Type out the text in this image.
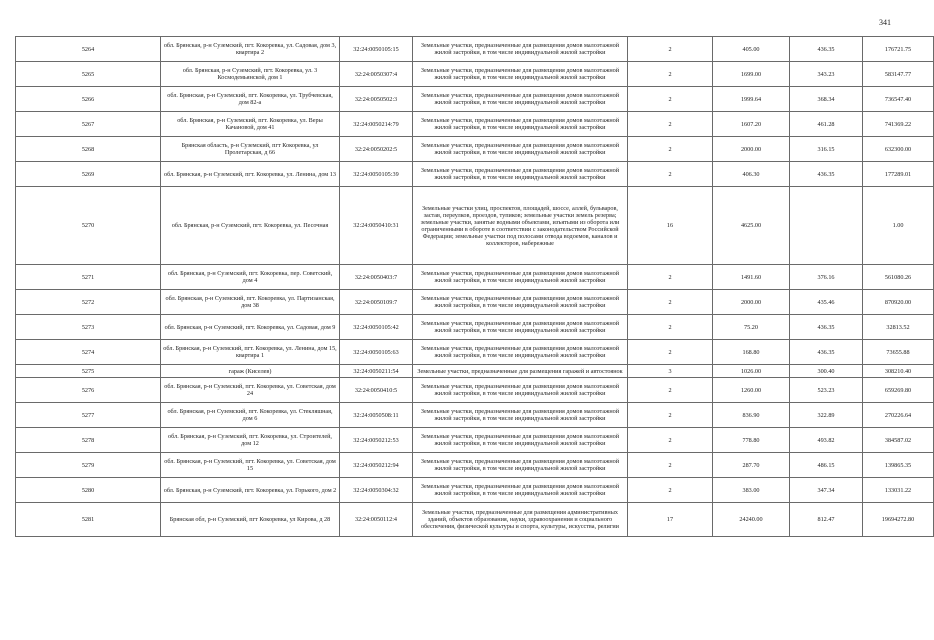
341
5264	обл. Брянская, р-н Суземский, пгт. Кокоревка, ул. Садовая, дом 3, квартира 2	32:24:0050105:15	Земельные участки, предназначенные для размещения домов малоэтажной жилой застройки, в том числе индивидуальной жилой застройки	2	405.00	436.35	176721.75
5265	обл. Брянская, р-н Суземский, пгт. Кокоревка, ул. 3 Космодемьянской, дом 1	32:24:0050307:4	Земельные участки, предназначенные для размещения домов малоэтажной жилой застройки, в том числе индивидуальной жилой застройки	2	1699.00	343.23	583147.77
5266	обл. Брянская, р-н Суземский, пгт. Кокоревка, ул. Трубчевская, дом 82-а	32:24:0050502:3	Земельные участки, предназначенные для размещения домов малоэтажной жилой застройки, в том числе индивидуальной жилой застройки	2	1999.64	368.34	736547.40
5267	обл. Брянская, р-н Суземский, пгт. Кокоревка, ул. Веры Качановой, дом 41	32:24:0050214:79	Земельные участки, предназначенные для размещения домов малоэтажной жилой застройки, в том числе индивидуальной жилой застройки	2	1607.20	461.28	741369.22
5268	Брянская область, р-н Суземский, пгт Кокоревка, ул Пролетарская, д 66	32:24:0050202:5	Земельные участки, предназначенные для размещения домов малоэтажной жилой застройки, в том числе индивидуальной жилой застройки	2	2000.00	316.15	632300.00
5269	обл. Брянская, р-н Суземский, пгт. Кокоревка, ул. Ленина, дом 13	32:24:0050105:39	Земельные участки, предназначенные для размещения домов малоэтажной жилой застройки, в том числе индивидуальной жилой застройки	2	406.30	436.35	177289.01
5270	обл. Брянская, р-н Суземский, пгт. Кокоревка, ул. Песочная	32:24:0050410:31	Земельные участки улиц, проспектов, площадей, шоссе, аллей, бульваров, застав, переулков, проездов, тупиков; земельные участки земель резерва; земельные участки, занятые водными объектами, изъятыми из оборота или ограниченными в обороте в соответствии с законодательством Российской Федерации; земельные участки под полосами отвода водоемов, каналов и коллекторов, набережные	16	4625.00		1.00
5271	обл. Брянская, р-н Суземский, пгт. Кокоревка, пер. Советский, дом 4	32:24:0050403:7	Земельные участки, предназначенные для размещения домов малоэтажной жилой застройки, в том числе индивидуальной жилой застройки	2	1491.60	376.16	561080.26
5272	обл. Брянская, р-н Суземский, пгт. Кокоревка, ул. Партизанская, дом 38	32:24:0050109:7	Земельные участки, предназначенные для размещения домов малоэтажной жилой застройки, в том числе индивидуальной жилой застройки	2	2000.00	435.46	870920.00
5273	обл. Брянская, р-н Суземский, пгт. Кокоревка, ул. Садовая, дом 9	32:24:0050105:42	Земельные участки, предназначенные для размещения домов малоэтажной жилой застройки, в том числе индивидуальной жилой застройки	2	75.20	436.35	32813.52
5274	обл. Брянская, р-н Суземский, пгт. Кокоревка, ул. Ленина, дом 15, квартира 1	32:24:0050105:63	Земельные участки, предназначенные для размещения домов малоэтажной жилой застройки, в том числе индивидуальной жилой застройки	2	168.80	436.35	73655.88
5275	гараж (Киселев)	32:24:0050211:54	Земельные участки, предназначенные для размещения гаражей и автостоянок	3	1026.00	300.40	308210.40
5276	обл. Брянская, р-н Суземский, пгт. Кокоревка, ул. Советская, дом 24	32:24:0050410:5	Земельные участки, предназначенные для размещения домов малоэтажной жилой застройки, в том числе индивидуальной жилой застройки	2	1260.00	523.23	659269.80
5277	обл. Брянская, р-н Суземский, пгт. Кокоревка, ул. Стекляшная, дом 6	32:24:0050508:11	Земельные участки, предназначенные для размещения домов малоэтажной жилой застройки, в том числе индивидуальной жилой застройки	2	836.90	322.89	270226.64
5278	обл. Брянская, р-н Суземский, пгт. Кокоревка, ул. Строителей, дом 12	32:24:0050212:53	Земельные участки, предназначенные для размещения домов малоэтажной жилой застройки, в том числе индивидуальной жилой застройки	2	778.80	493.82	384587.02
5279	обл. Брянская, р-н Суземский, пгт. Кокоревка, ул. Советская, дом 15	32:24:0050212:94	Земельные участки, предназначенные для размещения домов малоэтажной жилой застройки, в том числе индивидуальной жилой застройки	2	287.70	486.15	139865.35
5280	обл. Брянская, р-н Суземский, пгт. Кокоревка, ул. Горького, дом 2	32:24:0050304:32	Земельные участки, предназначенные для размещения домов малоэтажной жилой застройки, в том числе индивидуальной жилой застройки	2	383.00	347.34	133031.22
5281	Брянская обл, р-н Суземский, пгт Кокоревка, ул Кирова, д 28	32:24:0050112:4	Земельные участки, предназначенные для размещения административных зданий, объектов образования, науки, здравоохранения и социального обеспечения, физической культуры и спорта, культуры, искусства, религии	17	24240.00	812.47	19694272.80
